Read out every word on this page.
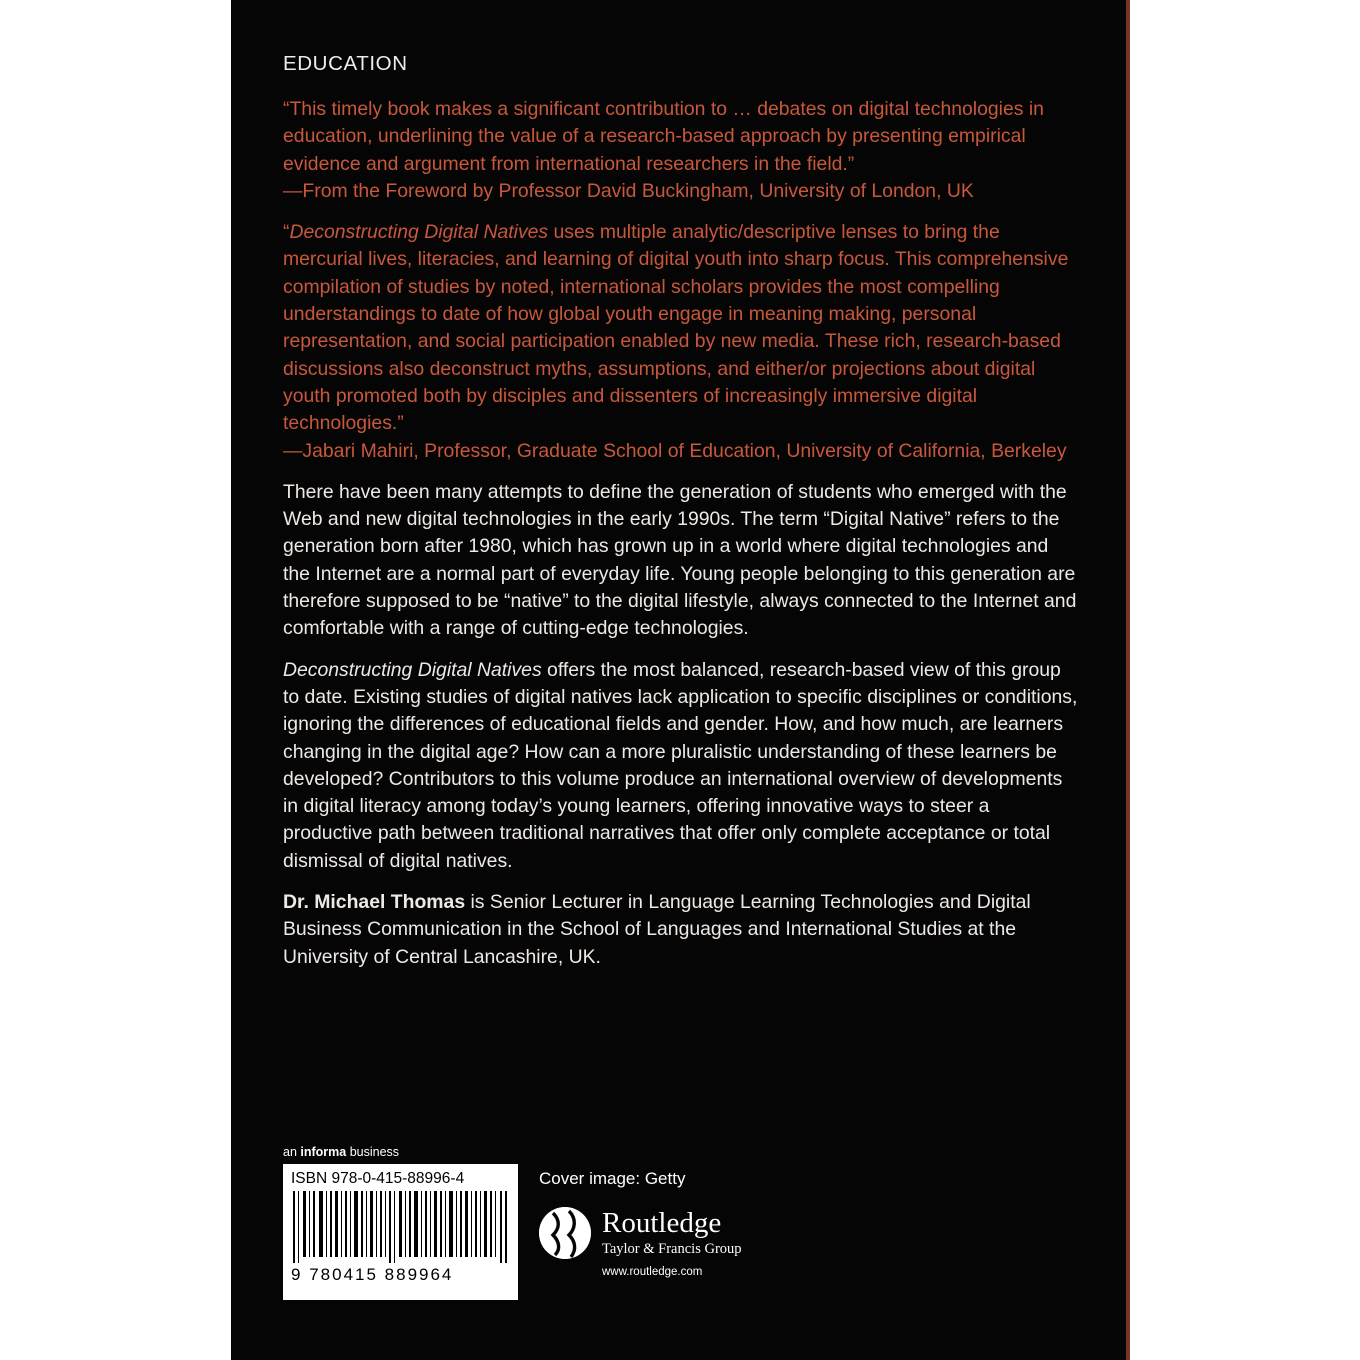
EDUCATION
“This timely book makes a significant contribution to … debates on digital technologies in education, underlining the value of a research-based approach by presenting empirical evidence and argument from international researchers in the field.”
—From the Foreword by Professor David Buckingham, University of London, UK
“Deconstructing Digital Natives uses multiple analytic/descriptive lenses to bring the mercurial lives, literacies, and learning of digital youth into sharp focus. This comprehensive compilation of studies by noted, international scholars provides the most compelling understandings to date of how global youth engage in meaning making, personal representation, and social participation enabled by new media. These rich, research-based discussions also deconstruct myths, assumptions, and either/or projections about digital youth promoted both by disciples and dissenters of increasingly immersive digital technologies.”
—Jabari Mahiri, Professor, Graduate School of Education, University of California, Berkeley
There have been many attempts to define the generation of students who emerged with the Web and new digital technologies in the early 1990s. The term “Digital Native” refers to the generation born after 1980, which has grown up in a world where digital technologies and the Internet are a normal part of everyday life. Young people belonging to this generation are therefore supposed to be “native” to the digital lifestyle, always connected to the Internet and comfortable with a range of cutting-edge technologies.
Deconstructing Digital Natives offers the most balanced, research-based view of this group to date. Existing studies of digital natives lack application to specific disciplines or conditions, ignoring the differences of educational fields and gender. How, and how much, are learners changing in the digital age? How can a more pluralistic understanding of these learners be developed? Contributors to this volume produce an international overview of developments in digital literacy among today’s young learners, offering innovative ways to steer a productive path between traditional narratives that offer only complete acceptance or total dismissal of digital natives.
Dr. Michael Thomas is Senior Lecturer in Language Learning Technologies and Digital Business Communication in the School of Languages and International Studies at the University of Central Lancashire, UK.
an informa business
ISBN 978-0-415-88996-4
9 780415 889964
Cover image: Getty
Routledge
Taylor & Francis Group
www.routledge.com
